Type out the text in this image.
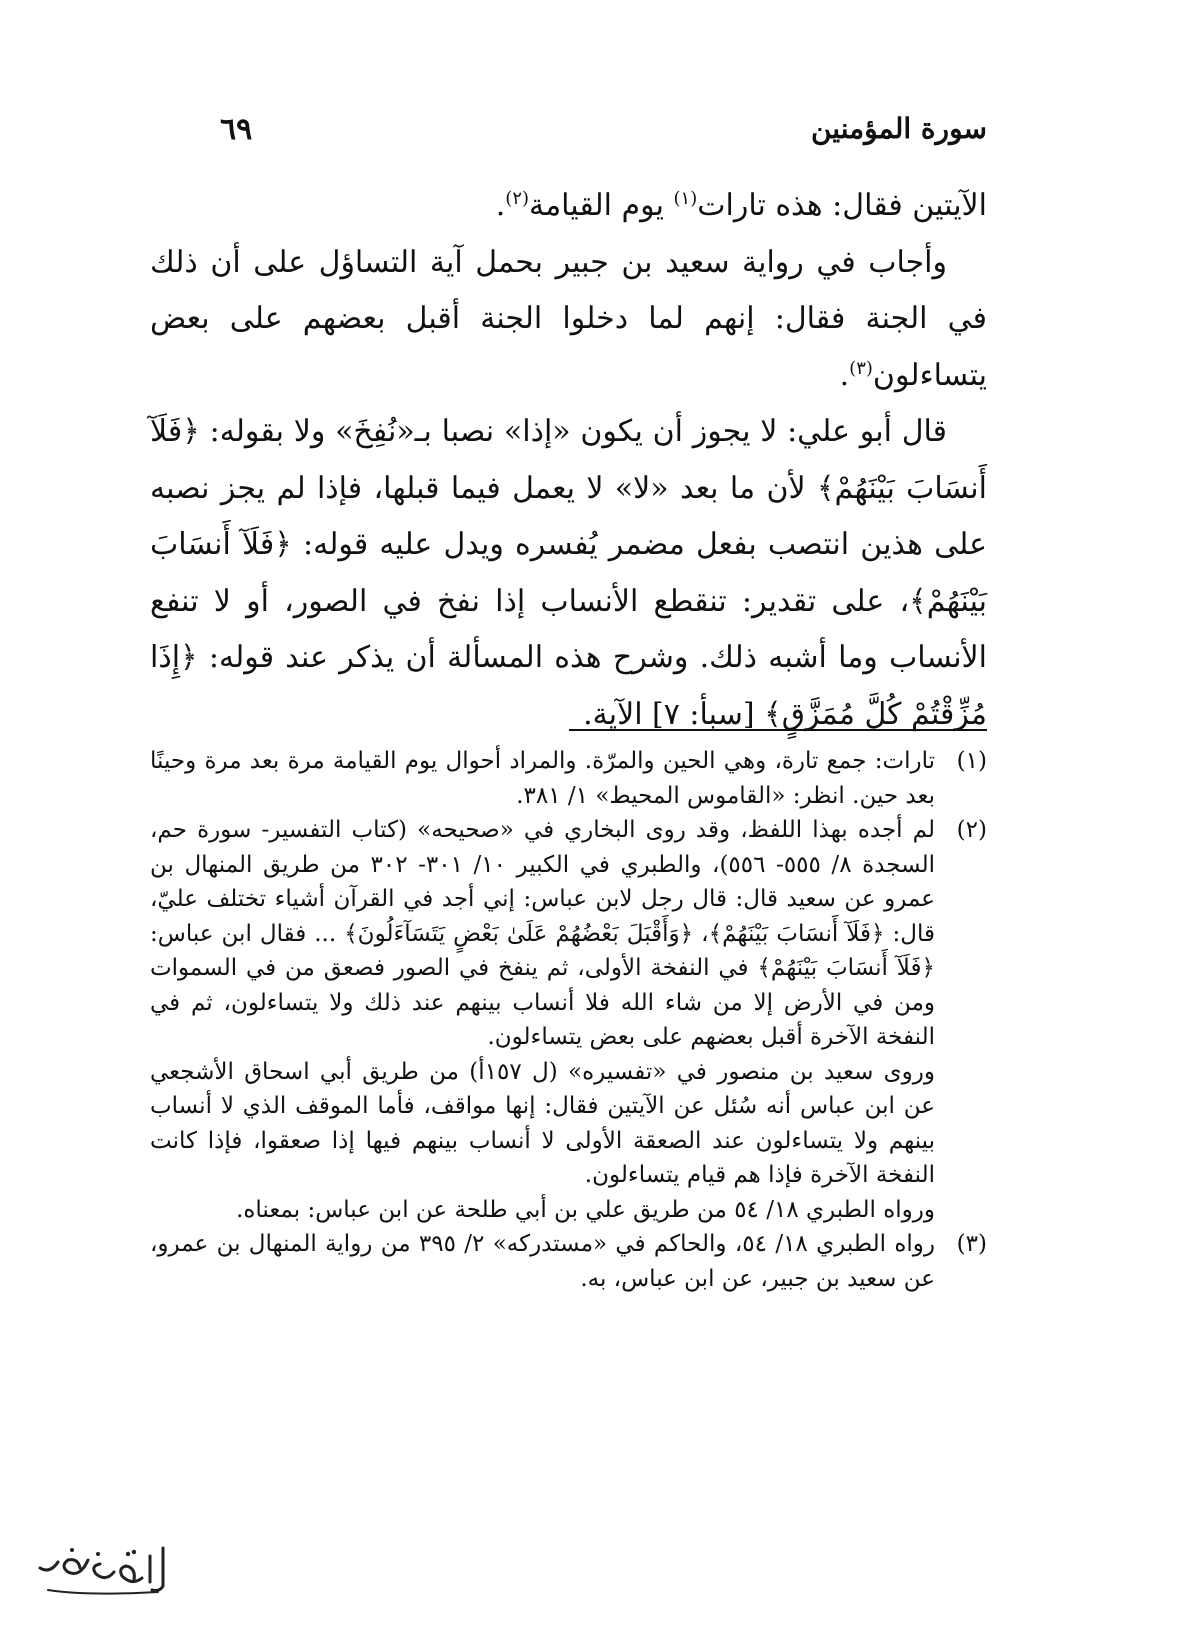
سورة المؤمنين
٦٩

الآيتين فقال: هذه تارات$^{(١)}$ يوم القيامة$^{(٢)}$.

وأجاب في رواية سعيد بن جبير بحمل آية التساؤل على أن ذلك في الجنة فقال: إنهم لما دخلوا الجنة أقبل بعضهم على بعض يتساءلون$^{(٣)}$.

قال أبو علي: لا يجوز أن يكون «إذا» نصبا بـ«نُفِخَ» ولا بقوله: ﴿فَلَآ أَنسَابَ بَيْنَهُمْ﴾ لأن ما بعد «لا» لا يعمل فيما قبلها، فإذا لم يجز نصبه على هذين انتصب بفعل مضمر يُفسره ويدل عليه قوله: ﴿فَلَآ أَنسَابَ بَيْنَهُمْ﴾، على تقدير: تنقطع الأنساب إذا نفخ في الصور، أو لا تنفع الأنساب وما أشبه ذلك. وشرح هذه المسألة أن يذكر عند قوله: ﴿إِذَا مُزِّقْتُمْ كُلَّ مُمَزَّقٍ﴾ [سبأ: ٧] الآية.

(١)

تارات: جمع تارة، وهي الحين والمرّة. والمراد أحوال يوم القيامة مرة بعد مرة وحينًا بعد حين. انظر: «القاموس المحيط» ١/ ٣٨١.

(٢)

لم أجده بهذا اللفظ، وقد روى البخاري في «صحيحه» (كتاب التفسير- سورة حم، السجدة ٨/ ٥٥٥- ٥٥٦)، والطبري في الكبير ١٠/ ٣٠١- ٣٠٢ من طريق المنهال بن عمرو عن سعيد قال: قال رجل لابن عباس: إني أجد في القرآن أشياء تختلف عليّ، قال: ﴿فَلَآ أَنسَابَ بَيْنَهُمْ﴾، ﴿وَأَقْبَلَ بَعْضُهُمْ عَلَىٰ بَعْضٍ يَتَسَآءَلُونَ﴾ ... فقال ابن عباس: ﴿فَلَآ أَنسَابَ بَيْنَهُمْ﴾ في النفخة الأولى، ثم ينفخ في الصور فصعق من في السموات ومن في الأرض إلا من شاء الله فلا أنساب بينهم عند ذلك ولا يتساءلون، ثم في النفخة الآخرة أقبل بعضهم على بعض يتساءلون.

وروى سعيد بن منصور في «تفسيره» (ل ١٥٧أ) من طريق أبي اسحاق الأشجعي عن ابن عباس أنه سُئل عن الآيتين فقال: إنها مواقف، فأما الموقف الذي لا أنساب بينهم ولا يتساءلون عند الصعقة الأولى لا أنساب بينهم فيها إذا صعقوا، فإذا كانت النفخة الآخرة فإذا هم قيام يتساءلون.

ورواه الطبري ١٨/ ٥٤ من طريق علي بن أبي طلحة عن ابن عباس: بمعناه.

(٣)

رواه الطبري ١٨/ ٥٤، والحاكم في «مستدركه» ٢/ ٣٩٥ من رواية المنهال بن عمرو، عن سعيد بن جبير، عن ابن عباس، به.
